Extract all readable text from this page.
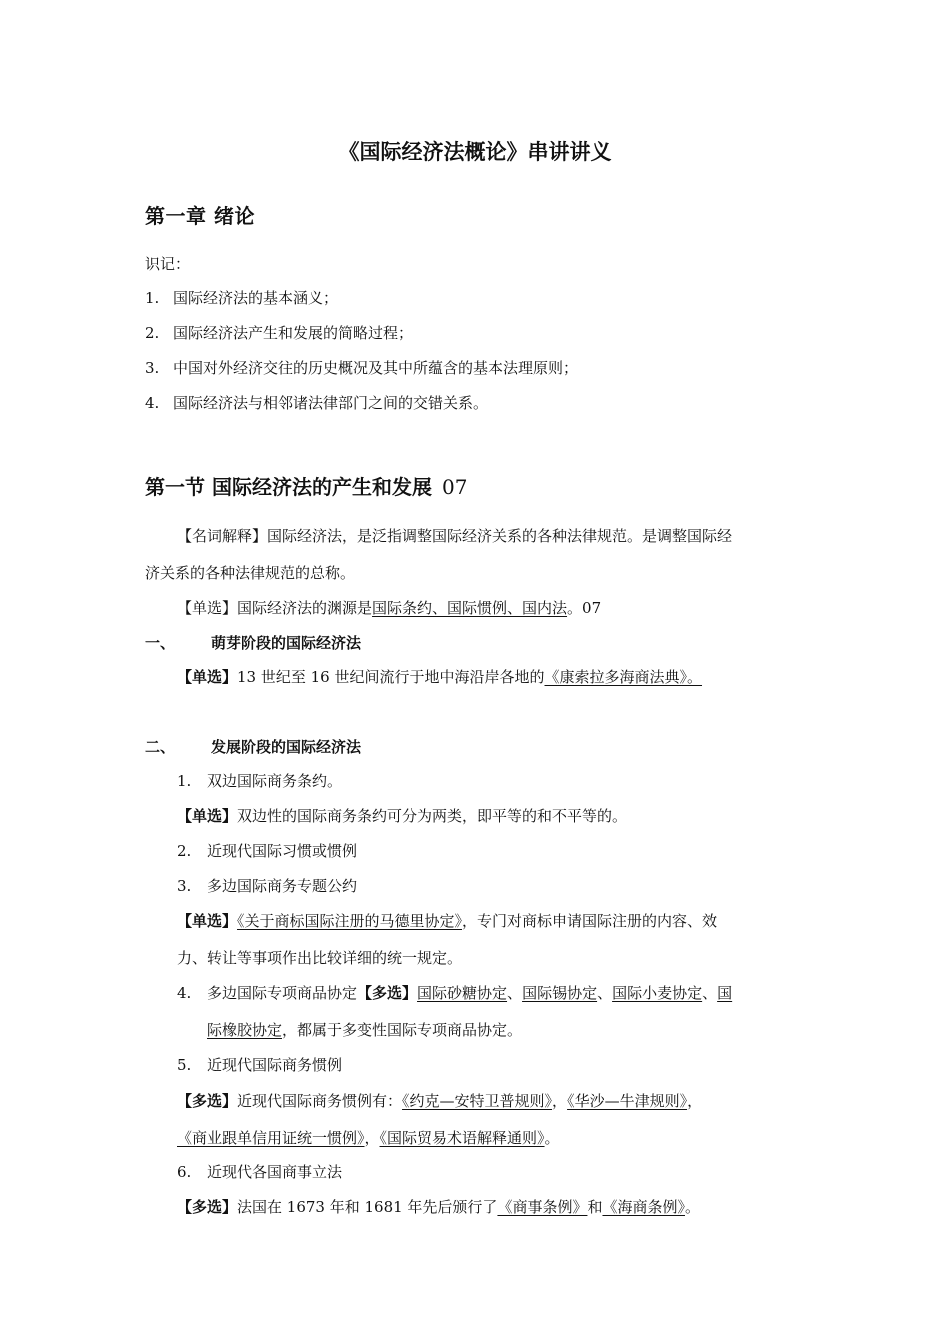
《国际经济法概论》串讲讲义
第一章 绪论
识记：
1. 国际经济法的基本涵义；
2. 国际经济法产生和发展的简略过程；
3. 中国对外经济交往的历史概况及其中所蕴含的基本法理原则；
4. 国际经济法与相邻诸法律部门之间的交错关系。
第一节 国际经济法的产生和发展 07
【名词解释】国际经济法，是泛指调整国际经济关系的各种法律规范。是调整国际经
济关系的各种法律规范的总称。
【单选】国际经济法的渊源是国际条约、国际惯例、国内法。07
一、 萌芽阶段的国际经济法
【单选】13 世纪至 16 世纪间流行于地中海沿岸各地的《康索拉多海商法典》。
二、 发展阶段的国际经济法
1. 双边国际商务条约。
【单选】双边性的国际商务条约可分为两类，即平等的和不平等的。
2. 近现代国际习惯或惯例
3. 多边国际商务专题公约
【单选】《关于商标国际注册的马德里协定》，专门对商标申请国际注册的内容、效
力、转让等事项作出比较详细的统一规定。
4. 多边国际专项商品协定【多选】国际砂糖协定、国际锡协定、国际小麦协定、国
际橡胶协定，都属于多变性国际专项商品协定。
5. 近现代国际商务惯例
【多选】近现代国际商务惯例有：《约克—安特卫普规则》，《华沙—牛津规则》，
《商业跟单信用证统一惯例》，《国际贸易术语解释通则》。
6. 近现代各国商事立法
【多选】法国在 1673 年和 1681 年先后颁行了《商事条例》和《海商条例》。
